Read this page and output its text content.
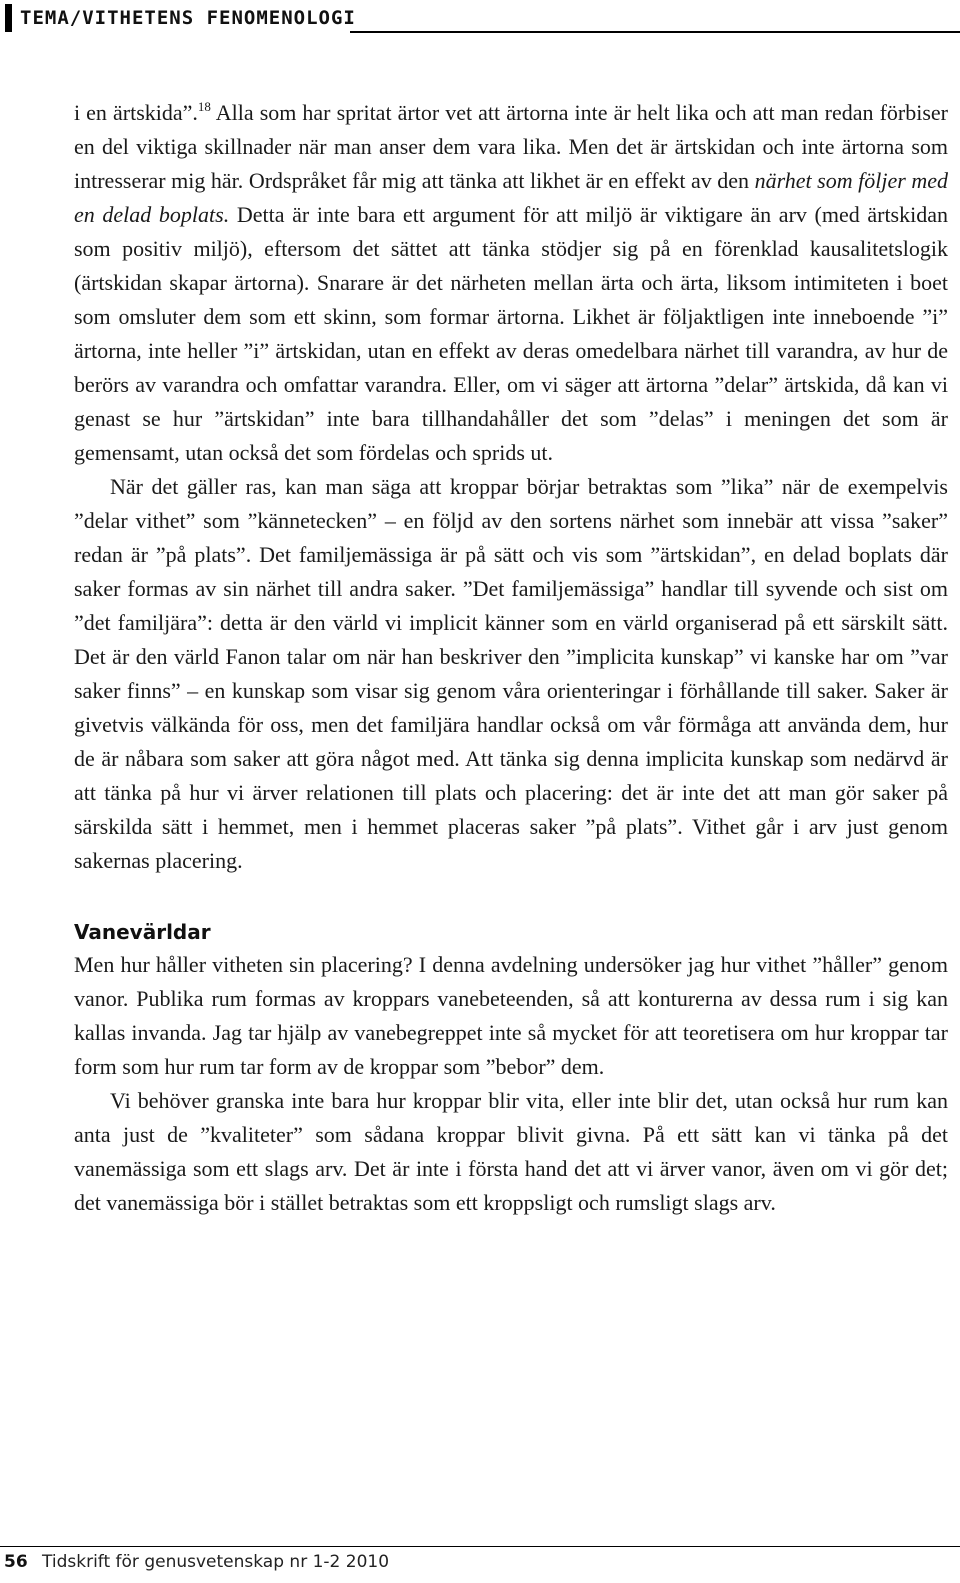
TEMA/VITHETENS FENOMENOLOGI

i en ärtskida”.$^{18}$ Alla som har spritat ärtor vet att ärtorna inte är helt lika och att man redan förbiser en del viktiga skillnader när man anser dem vara lika. Men det är ärtskidan och inte ärtorna som intresserar mig här. Ordspråket får mig att tänka att likhet är en effekt av den närhet som följer med en delad boplats. Detta är inte bara ett argument för att miljö är viktigare än arv (med ärtskidan som positiv miljö), eftersom det sättet att tänka stödjer sig på en förenklad kausalitetslogik (ärtskidan skapar ärtorna). Snarare är det närheten mellan ärta och ärta, liksom intimiteten i boet som omsluter dem som ett skinn, som formar ärtorna. Likhet är följaktligen inte inneboende ”i” ärtorna, inte heller ”i” ärtskidan, utan en effekt av deras omedelbara närhet till varandra, av hur de berörs av varandra och omfattar varandra. Eller, om vi säger att ärtorna ”delar” ärtskida, då kan vi genast se hur ”ärtskidan” inte bara tillhandahåller det som ”delas” i meningen det som är gemensamt, utan också det som fördelas och sprids ut.

När det gäller ras, kan man säga att kroppar börjar betraktas som ”lika” när de exempelvis ”delar vithet” som ”kännetecken” – en följd av den sortens närhet som innebär att vissa ”saker” redan är ”på plats”. Det familjemässiga är på sätt och vis som ”ärtskidan”, en delad boplats där saker formas av sin närhet till andra saker. ”Det familjemässiga” handlar till syvende och sist om ”det familjära”: detta är den värld vi implicit känner som en värld organiserad på ett särskilt sätt. Det är den värld Fanon talar om när han beskriver den ”implicita kunskap” vi kanske har om ”var saker finns” – en kunskap som visar sig genom våra orienteringar i förhållande till saker. Saker är givetvis välkända för oss, men det familjära handlar också om vår förmåga att använda dem, hur de är nåbara som saker att göra något med. Att tänka sig denna implicita kunskap som nedärvd är att tänka på hur vi ärver relationen till plats och placering: det är inte det att man gör saker på särskilda sätt i hemmet, men i hemmet placeras saker ”på plats”. Vithet går i arv just genom sakernas placering.

Vanevärldar

Men hur håller vitheten sin placering? I denna avdelning undersöker jag hur vithet ”håller” genom vanor. Publika rum formas av kroppars vanebeteenden, så att konturerna av dessa rum i sig kan kallas invanda. Jag tar hjälp av vanebegreppet inte så mycket för att teoretisera om hur kroppar tar form som hur rum tar form av de kroppar som ”bebor” dem.

Vi behöver granska inte bara hur kroppar blir vita, eller inte blir det, utan också hur rum kan anta just de ”kvaliteter” som sådana kroppar blivit givna. På ett sätt kan vi tänka på det vanemässiga som ett slags arv. Det är inte i första hand det att vi ärver vanor, även om vi gör det; det vanemässiga bör i stället betraktas som ett kroppsligt och rumsligt slags arv.

56 Tidskrift för genusvetenskap nr 1-2 2010
